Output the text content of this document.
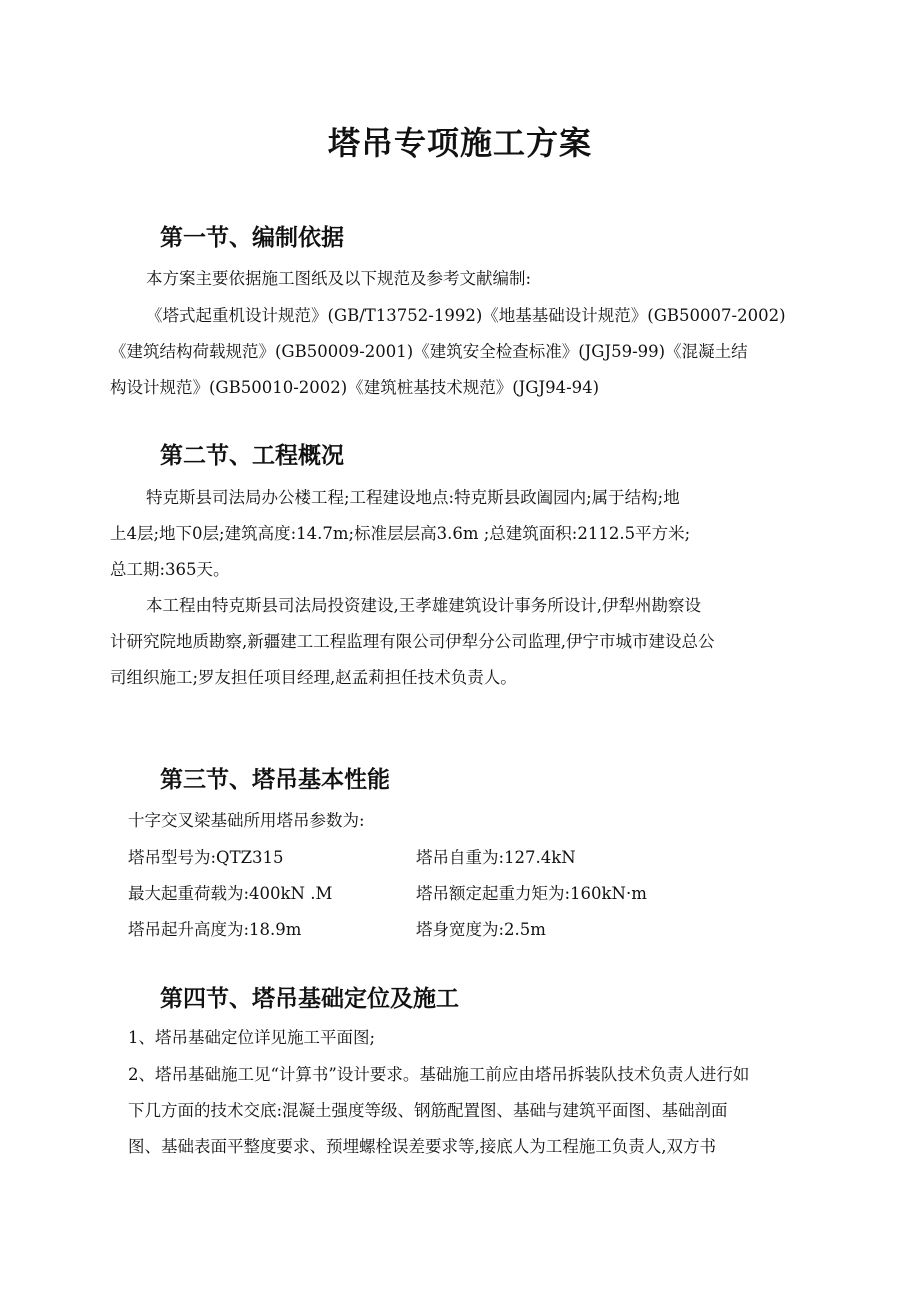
塔吊专项施工方案
第一节、编制依据
本方案主要依据施工图纸及以下规范及参考文献编制:
《塔式起重机设计规范》(GB/T13752-1992)《地基基础设计规范》(GB50007-2002)
《建筑结构荷载规范》(GB50009-2001)《建筑安全检查标准》(JGJ59-99)《混凝土结
构设计规范》(GB50010-2002)《建筑桩基技术规范》(JGJ94-94)
第二节、工程概况
特克斯县司法局办公楼工程;工程建设地点:特克斯县政阖园内;属于结构;地
上4层;地下0层;建筑高度:14.7m;标准层层高3.6m ;总建筑面积:2112.5平方米;
总工期:365天。
本工程由特克斯县司法局投资建设,王孝雄建筑设计事务所设计,伊犁州勘察设
计研究院地质勘察,新疆建工工程监理有限公司伊犁分公司监理,伊宁市城市建设总公
司组织施工;罗友担任项目经理,赵孟莉担任技术负责人。
第三节、塔吊基本性能
十字交叉梁基础所用塔吊参数为:
塔吊型号为:QTZ315	塔吊自重为:127.4kN
最大起重荷载为:400kN .M	塔吊额定起重力矩为:160kN·m
塔吊起升高度为:18.9m	塔身宽度为:2.5m
第四节、塔吊基础定位及施工
1、塔吊基础定位详见施工平面图;
2、塔吊基础施工见“计算书”设计要求。基础施工前应由塔吊拆装队技术负责人进行如
下几方面的技术交底:混凝土强度等级、钢筋配置图、基础与建筑平面图、基础剖面
图、基础表面平整度要求、预埋螺栓误差要求等,接底人为工程施工负责人,双方书
